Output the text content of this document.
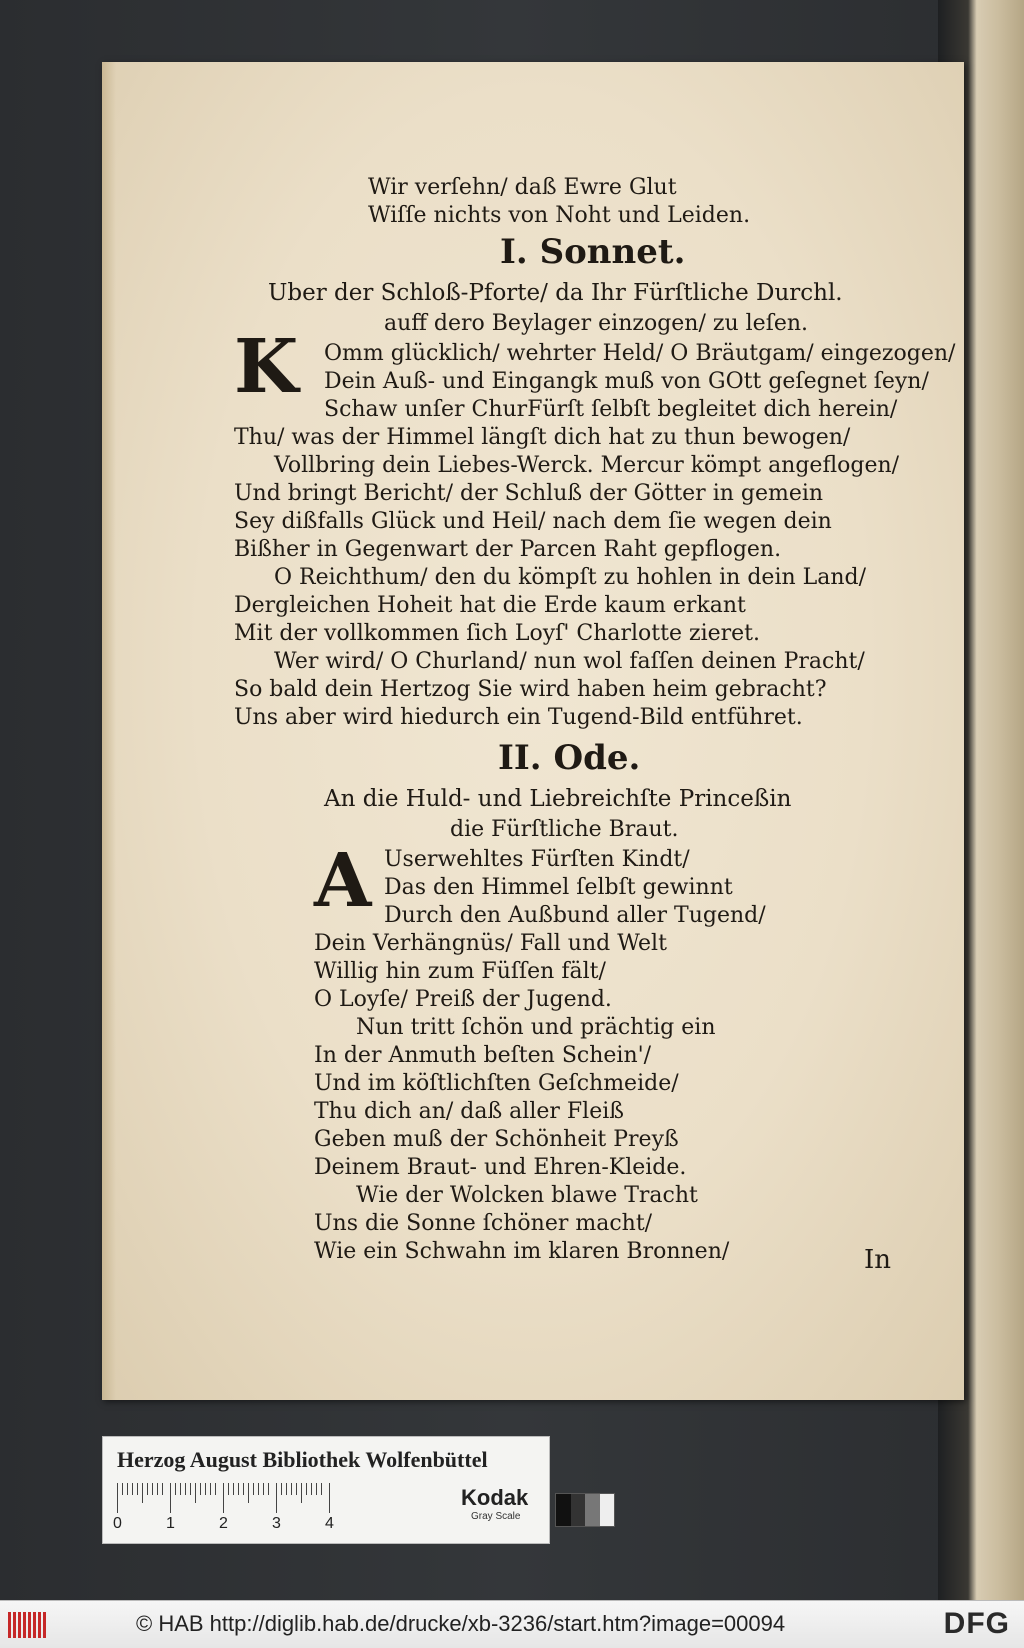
Wir verſehn/ daß Ewre Glut
Wiſſe nichts von Noht und Leiden.
I. Sonnet.
Uber der Schloß-Pforte/ da Ihr Fürſtliche Durchl.
auff dero Beylager einzogen/ zu leſen.
K Omm glücklich/ wehrter Held/ O Bräutgam/ eingezogen/
Dein Auß- und Eingangk muß von GOtt geſegnet ſeyn/
Schaw unſer ChurFürſt ſelbſt begleitet dich herein/
Thu/ was der Himmel längſt dich hat zu thun bewogen/
Vollbring dein Liebes-Werck. Mercur kömpt angeflogen/
Und bringt Bericht/ der Schluß der Götter in gemein
Sey dißfalls Glück und Heil/ nach dem ſie wegen dein
Bißher in Gegenwart der Parcen Raht gepflogen.
O Reichthum/ den du kömpſt zu hohlen in dein Land/
Dergleichen Hoheit hat die Erde kaum erkant
Mit der vollkommen ſich Loyſ' Charlotte zieret.
Wer wird/ O Churland/ nun wol faſſen deinen Pracht/
So bald dein Hertzog Sie wird haben heim gebracht?
Uns aber wird hiedurch ein Tugend-Bild entführet.
II. Ode.
An die Huld- und Liebreichſte Princeßin
die Fürſtliche Braut.
A Userwehltes Fürſten Kindt/
Das den Himmel ſelbſt gewinnt
Durch den Außbund aller Tugend/
Dein Verhängnüs/ Fall und Welt
Willig hin zum Füſſen fält/
O Loyſe/ Preiß der Jugend.
Nun tritt ſchön und prächtig ein
In der Anmuth beſten Schein'/
Und im köſtlichſten Geſchmeide/
Thu dich an/ daß aller Fleiß
Geben muß der Schönheit Preyß
Deinem Braut- und Ehren-Kleide.
Wie der Wolcken blawe Tracht
Uns die Sonne ſchöner macht/
Wie ein Schwahn im klaren Bronnen/	In
Herzog August Bibliothek Wolfenbüttel
0	1	2	3	4
Kodak
Gray Scale
© HAB http://diglib.hab.de/drucke/xb-3236/start.htm?image=00094	DFG
